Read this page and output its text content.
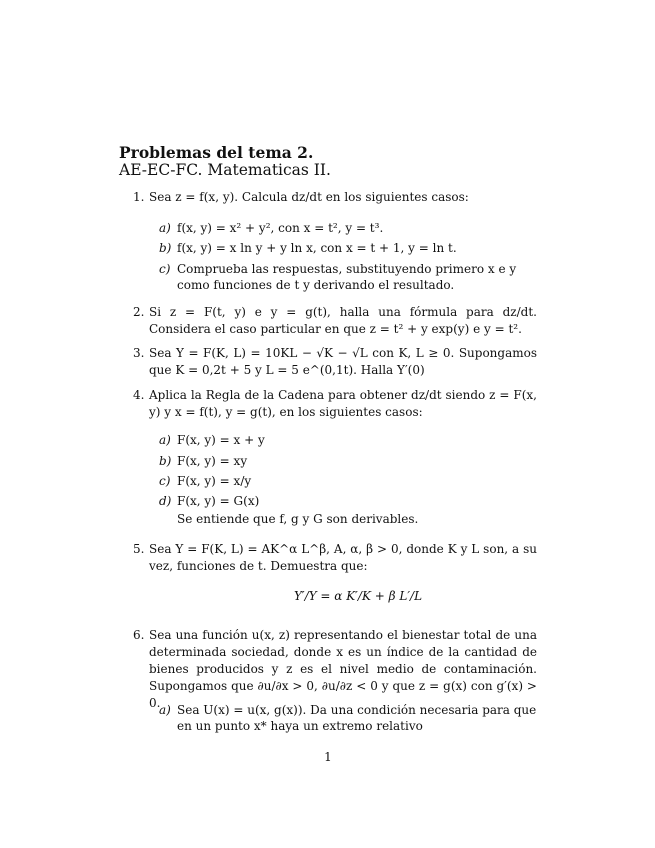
Problemas del tema 2.
AE-EC-FC. Matematicas II.
1. Sea z = f(x, y). Calcula dz/dt en los siguientes casos:
a) f(x, y) = x² + y², con x = t², y = t³.
b) f(x, y) = x ln y + y ln x, con x = t + 1, y = ln t.
c) Comprueba las respuestas, substituyendo primero x e y como funciones de t y derivando el resultado.
2. Si z = F(t, y) e y = g(t), halla una fórmula para dz/dt. Considera el caso particular en que z = t² + y exp(y) e y = t².
3. Sea Y = F(K, L) = 10KL − √K − √L con K, L ≥ 0. Supongamos que K = 0,2t + 5 y L = 5 e^(0,1t). Halla Y′(0)
4. Aplica la Regla de la Cadena para obtener dz/dt siendo z = F(x, y) y x = f(t), y = g(t), en los siguientes casos:
a) F(x, y) = x + y
b) F(x, y) = xy
c) F(x, y) = x/y
d) F(x, y) = G(x)
Se entiende que f, g y G son derivables.
5. Sea Y = F(K, L) = AK^α L^β, A, α, β > 0, donde K y L son, a su vez, funciones de t. Demuestra que:
Y′/Y = α K′/K + β L′/L
6. Sea una función u(x, z) representando el bienestar total de una determinada sociedad, donde x es un índice de la cantidad de bienes producidos y z es el nivel medio de contaminación. Supongamos que ∂u/∂x > 0, ∂u/∂z < 0 y que z = g(x) con g′(x) > 0.
a) Sea U(x) = u(x, g(x)). Da una condición necesaria para que en un punto x* haya un extremo relativo
1
